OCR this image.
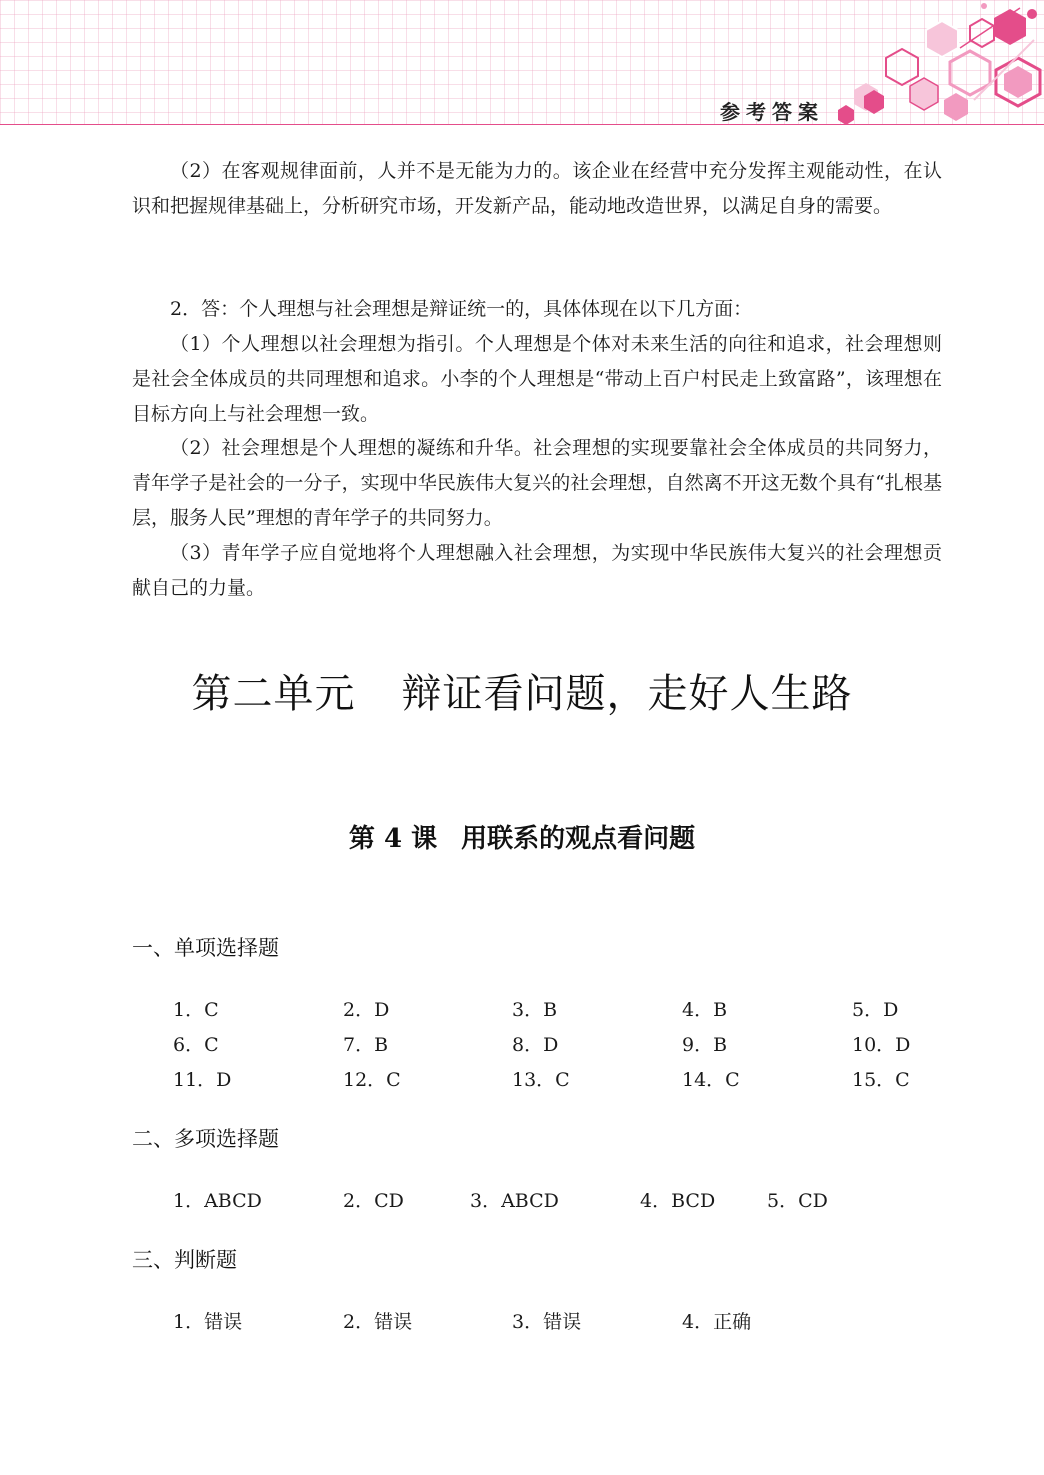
参考答案

（2）在客观规律面前，人并不是无能为力的。该企业在经营中充分发挥主观能动性，在认识和把握规律基础上，分析研究市场，开发新产品，能动地改造世界，以满足自身的需要。

2．答：个人理想与社会理想是辩证统一的，具体体现在以下几方面：

（1）个人理想以社会理想为指引。个人理想是个体对未来生活的向往和追求，社会理想则是社会全体成员的共同理想和追求。小李的个人理想是“带动上百户村民走上致富路”，该理想在目标方向上与社会理想一致。

（2）社会理想是个人理想的凝练和升华。社会理想的实现要靠社会全体成员的共同努力，青年学子是社会的一分子，实现中华民族伟大复兴的社会理想，自然离不开这无数个具有“扎根基层，服务人民”理想的青年学子的共同努力。

（3）青年学子应自觉地将个人理想融入社会理想，为实现中华民族伟大复兴的社会理想贡献自己的力量。

第二单元 辩证看问题，走好人生路
第 4 课 用联系的观点看问题
一、单项选择题
1．C	2．D	3．B	4．B	5．D
6．C	7．B	8．D	9．B	10．D
11．D	12．C	13．C	14．C	15．C
二、多项选择题
1．ABCD	2．CD	3．ABCD	4．BCD	5．CD
三、判断题
1．错误	2．错误	3．错误	4．正确
